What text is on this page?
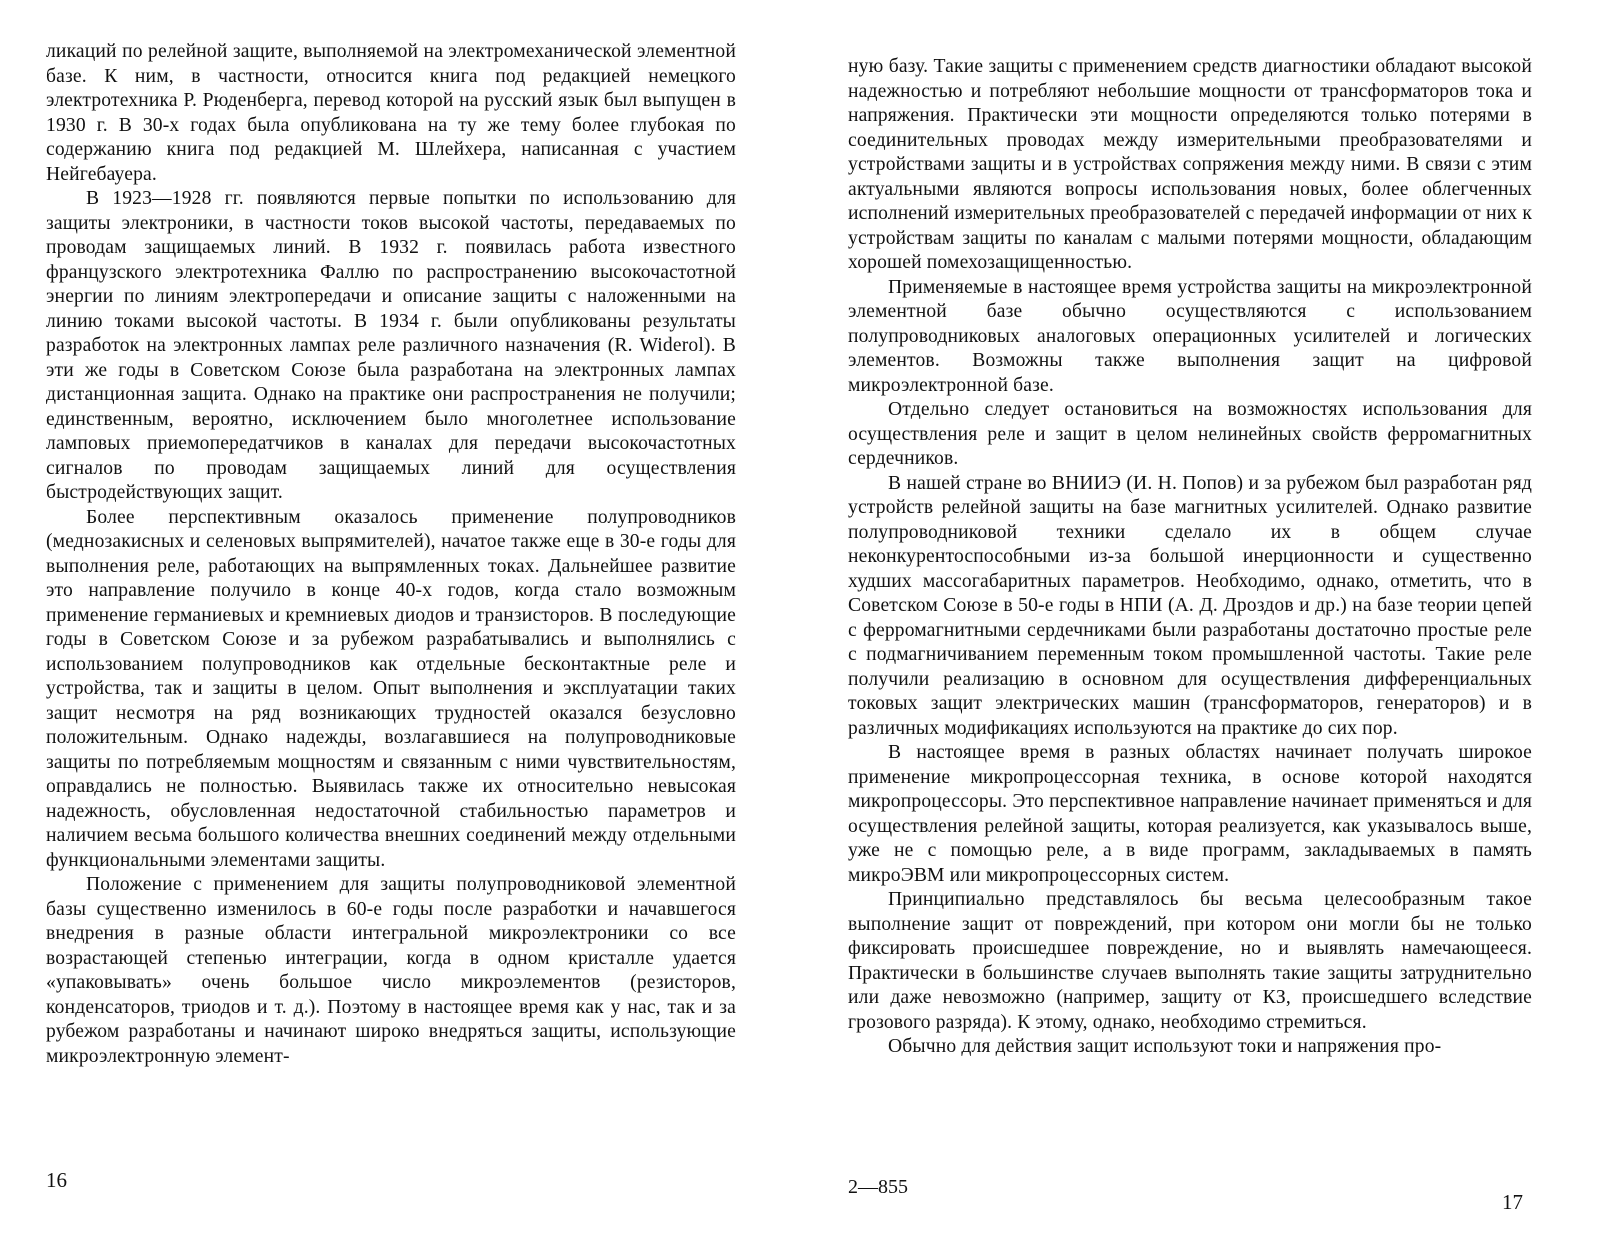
ликаций по релейной защите, выполняемой на электромеханической элементной базе. К ним, в частности, относится книга под редакцией немецкого электротехника Р. Рюденберга, перевод которой на русский язык был выпущен в 1930 г. В 30-х годах была опубликована на ту же тему более глубокая по содержанию книга под редакцией М. Шлейхера, написанная с участием Нейгебауера.

В 1923—1928 гг. появляются первые попытки по использованию для защиты электроники, в частности токов высокой частоты, передаваемых по проводам защищаемых линий. В 1932 г. появилась работа известного французского электротехника Фаллю по распространению высокочастотной энергии по линиям электропередачи и описание защиты с наложенными на линию токами высокой частоты. В 1934 г. были опубликованы результаты разработок на электронных лампах реле различного назначения (R. Widerol). В эти же годы в Советском Союзе была разработана на электронных лампах дистанционная защита. Однако на практике они распространения не получили; единственным, вероятно, исключением было многолетнее использование ламповых приемопередатчиков в каналах для передачи высокочастотных сигналов по проводам защищаемых линий для осуществления быстродействующих защит.

Более перспективным оказалось применение полупроводников (меднозакисных и селеновых выпрямителей), начатое также еще в 30-е годы для выполнения реле, работающих на выпрямленных токах. Дальнейшее развитие это направление получило в конце 40-х годов, когда стало возможным применение германиевых и кремниевых диодов и транзисторов. В последующие годы в Советском Союзе и за рубежом разрабатывались и выполнялись с использованием полупроводников как отдельные бесконтактные реле и устройства, так и защиты в целом. Опыт выполнения и эксплуатации таких защит несмотря на ряд возникающих трудностей оказался безусловно положительным. Однако надежды, возлагавшиеся на полупроводниковые защиты по потребляемым мощностям и связанным с ними чувствительностям, оправдались не полностью. Выявилась также их относительно невысокая надежность, обусловленная недостаточной стабильностью параметров и наличием весьма большого количества внешних соединений между отдельными функциональными элементами защиты.

Положение с применением для защиты полупроводниковой элементной базы существенно изменилось в 60-е годы после разработки и начавшегося внедрения в разные области интегральной микроэлектроники со все возрастающей степенью интеграции, когда в одном кристалле удается «упаковывать» очень большое число микроэлементов (резисторов, конденсаторов, триодов и т. д.). Поэтому в настоящее время как у нас, так и за рубежом разработаны и начинают широко внедряться защиты, использующие микроэлектронную элемент-

16

ную базу. Такие защиты с применением средств диагностики обладают высокой надежностью и потребляют небольшие мощности от трансформаторов тока и напряжения. Практически эти мощности определяются только потерями в соединительных проводах между измерительными преобразователями и устройствами защиты и в устройствах сопряжения между ними. В связи с этим актуальными являются вопросы использования новых, более облегченных исполнений измерительных преобразователей с передачей информации от них к устройствам защиты по каналам с малыми потерями мощности, обладающим хорошей помехозащищенностью.

Применяемые в настоящее время устройства защиты на микроэлектронной элементной базе обычно осуществляются с использованием полупроводниковых аналоговых операционных усилителей и логических элементов. Возможны также выполнения защит на цифровой микроэлектронной базе.

Отдельно следует остановиться на возможностях использования для осуществления реле и защит в целом нелинейных свойств ферромагнитных сердечников.

В нашей стране во ВНИИЭ (И. Н. Попов) и за рубежом был разработан ряд устройств релейной защиты на базе магнитных усилителей. Однако развитие полупроводниковой техники сделало их в общем случае неконкурентоспособными из-за большой инерционности и существенно худших массогабаритных параметров. Необходимо, однако, отметить, что в Советском Союзе в 50-е годы в НПИ (А. Д. Дроздов и др.) на базе теории цепей с ферромагнитными сердечниками были разработаны достаточно простые реле с подмагничиванием переменным током промышленной частоты. Такие реле получили реализацию в основном для осуществления дифференциальных токовых защит электрических машин (трансформаторов, генераторов) и в различных модификациях используются на практике до сих пор.

В настоящее время в разных областях начинает получать широкое применение микропроцессорная техника, в основе которой находятся микропроцессоры. Это перспективное направление начинает применяться и для осуществления релейной защиты, которая реализуется, как указывалось выше, уже не с помощью реле, а в виде программ, закладываемых в память микроЭВМ или микропроцессорных систем.

Принципиально представлялось бы весьма целесообразным такое выполнение защит от повреждений, при котором они могли бы не только фиксировать происшедшее повреждение, но и выявлять намечающееся. Практически в большинстве случаев выполнять такие защиты затруднительно или даже невозможно (например, защиту от КЗ, происшедшего вследствие грозового разряда). К этому, однако, необходимо стремиться.

Обычно для действия защит используют токи и напряжения про-

2—855
17
